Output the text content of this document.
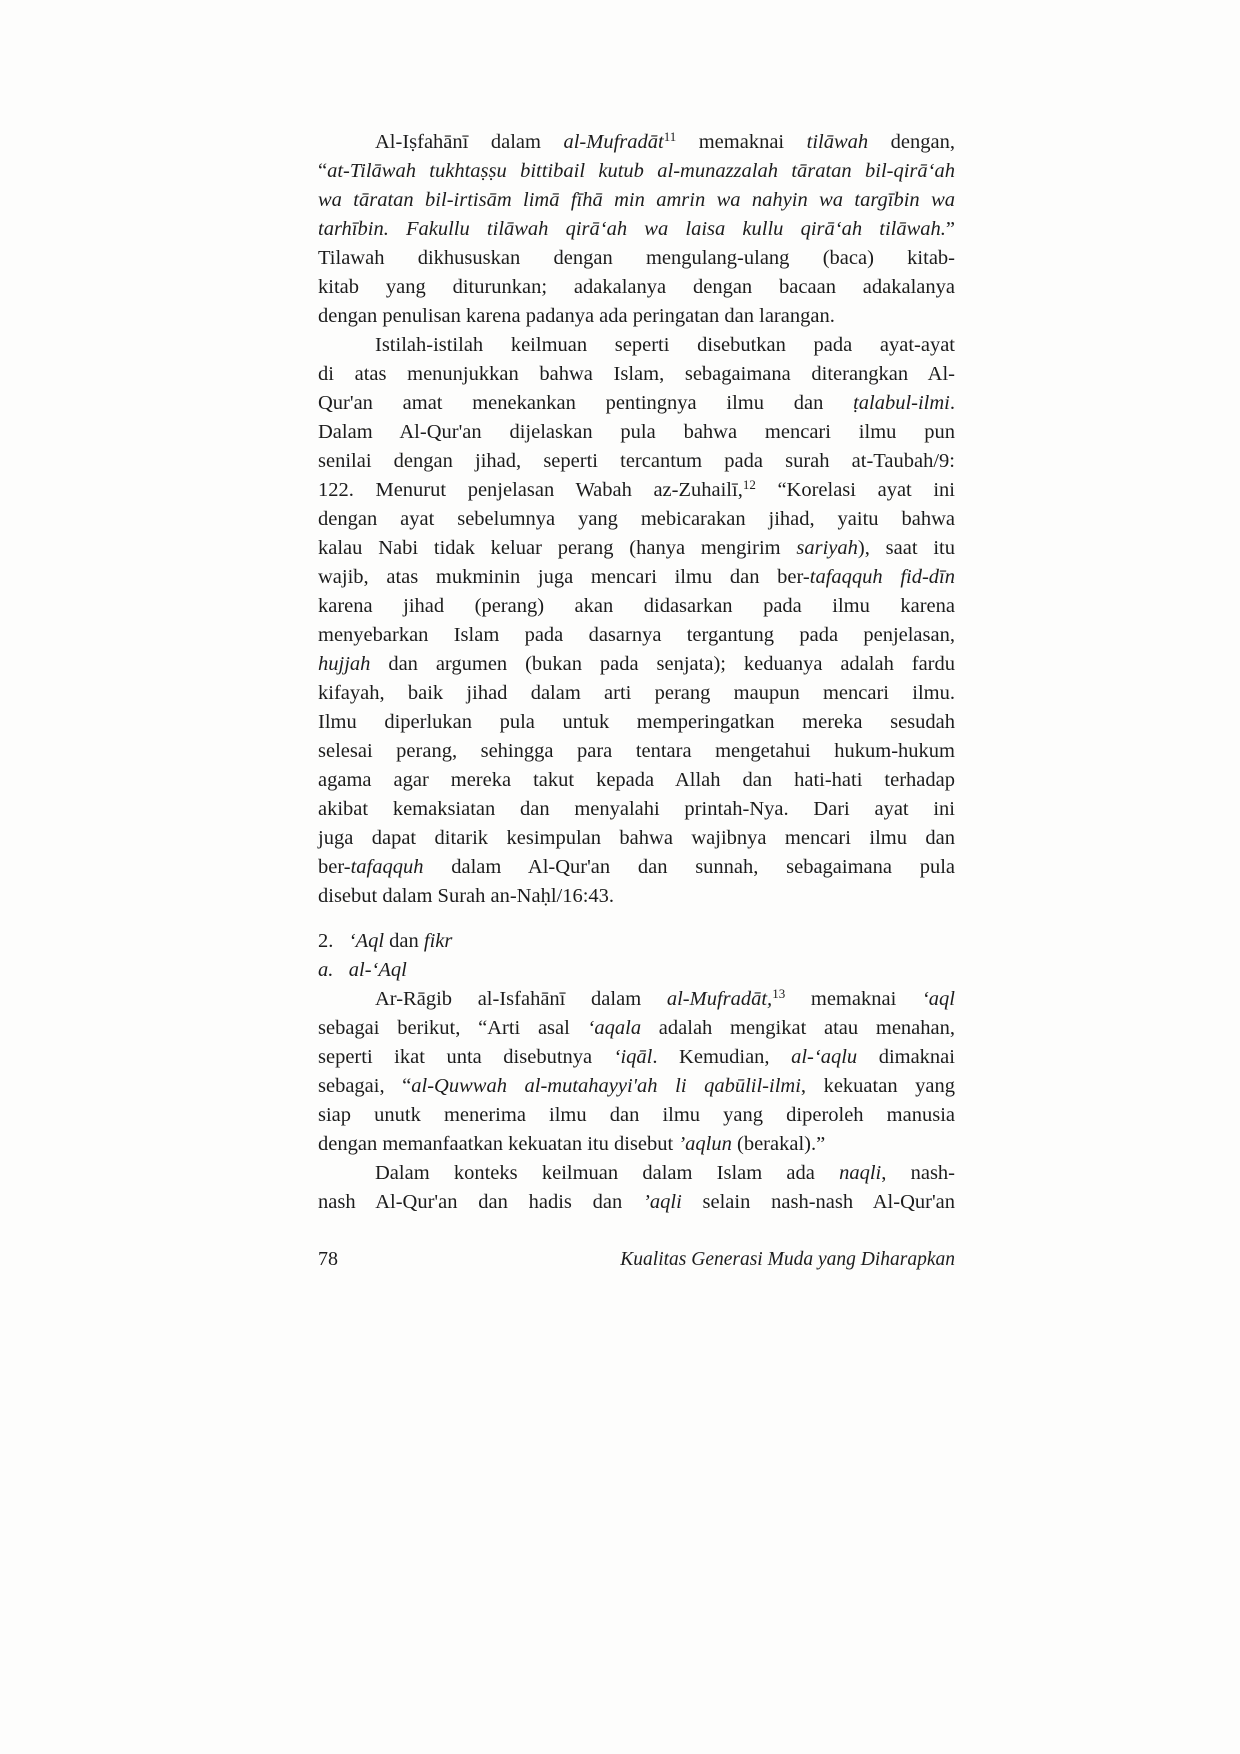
Al-Iṣfahānī dalam al-Mufradāt$^{11}$ memaknai tilāwah dengan,
“at-Tilāwah tukhtaṣṣu bittibail kutub al-munazzalah tāratan bil-qirā‘ah
wa tāratan bil-irtisām limā fīhā min amrin wa nahyin wa targībin wa
tarhībin. Fakullu tilāwah qirā‘ah wa laisa kullu qirā‘ah tilāwah.”
Tilawah dikhususkan dengan mengulang-ulang (baca) kitab-
kitab yang diturunkan; adakalanya dengan bacaan adakalanya
dengan penulisan karena padanya ada peringatan dan larangan.
Istilah-istilah keilmuan seperti disebutkan pada ayat-ayat
di atas menunjukkan bahwa Islam, sebagaimana diterangkan Al-
Qur'an amat menekankan pentingnya ilmu dan ṭalabul-ilmi.
Dalam Al-Qur'an dijelaskan pula bahwa mencari ilmu pun
senilai dengan jihad, seperti tercantum pada surah at-Taubah/9:
122. Menurut penjelasan Wabah az-Zuhailī,$^{12}$ “Korelasi ayat ini
dengan ayat sebelumnya yang mebicarakan jihad, yaitu bahwa
kalau Nabi tidak keluar perang (hanya mengirim sariyah), saat itu
wajib, atas mukminin juga mencari ilmu dan ber-tafaqquh fid-dīn
karena jihad (perang) akan didasarkan pada ilmu karena
menyebarkan Islam pada dasarnya tergantung pada penjelasan,
hujjah dan argumen (bukan pada senjata); keduanya adalah fardu
kifayah, baik jihad dalam arti perang maupun mencari ilmu.
Ilmu diperlukan pula untuk memperingatkan mereka sesudah
selesai perang, sehingga para tentara mengetahui hukum-hukum
agama agar mereka takut kepada Allah dan hati-hati terhadap
akibat kemaksiatan dan menyalahi printah-Nya. Dari ayat ini
juga dapat ditarik kesimpulan bahwa wajibnya mencari ilmu dan
ber-tafaqquh dalam Al-Qur'an dan sunnah, sebagaimana pula
disebut dalam Surah an-Naḥl/16:43.
2.   ‘Aql dan fikr
a. al-‘Aql
Ar-Rāgib al-Isfahānī dalam al-Mufradāt,$^{13}$ memaknai ‘aql
sebagai berikut, “Arti asal ‘aqala adalah mengikat atau menahan,
seperti ikat unta disebutnya ‘iqāl. Kemudian, al-‘aqlu dimaknai
sebagai, “al-Quwwah al-mutahayyi'ah li qabūlil-ilmi, kekuatan yang
siap unutk menerima ilmu dan ilmu yang diperoleh manusia
dengan memanfaatkan kekuatan itu disebut ’aqlun (berakal).”
Dalam konteks keilmuan dalam Islam ada naqli, nash-
nash Al-Qur'an dan hadis dan ’aqli selain nash-nash Al-Qur'an
78	Kualitas Generasi Muda yang Diharapkan
